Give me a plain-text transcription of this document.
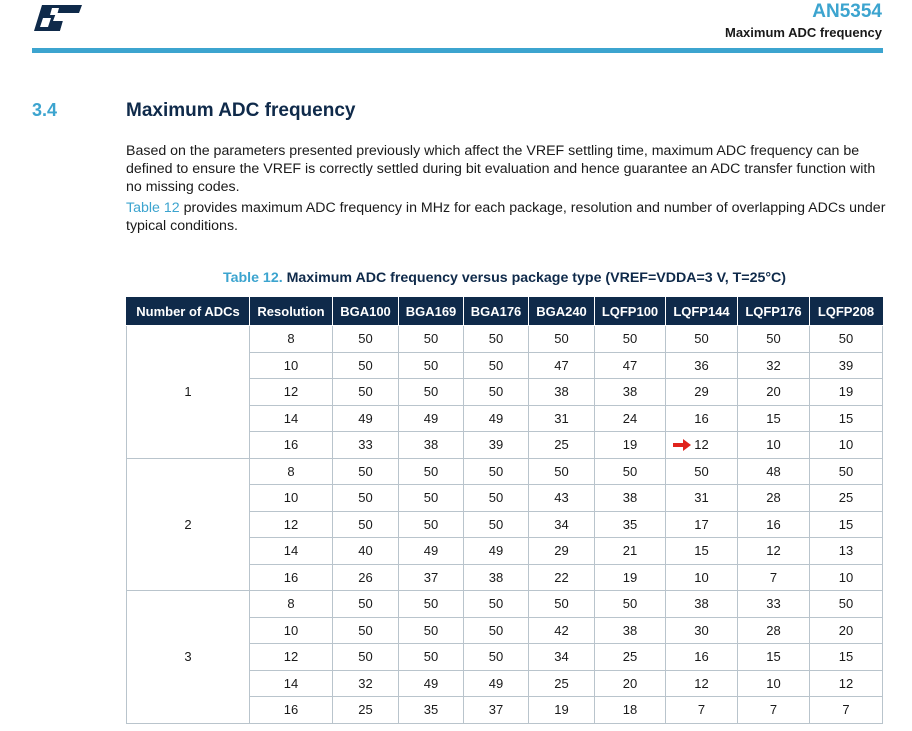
AN5354
Maximum ADC frequency
3.4	Maximum ADC frequency

Based on the parameters presented previously which affect the VREF settling time, maximum ADC frequency can be defined to ensure the VREF is correctly settled during bit evaluation and hence guarantee an ADC transfer function with no missing codes.

Table 12 provides maximum ADC frequency in MHz for each package, resolution and number of overlapping ADCs under typical conditions.

Table 12. Maximum ADC frequency versus package type (VREF=VDDA=3 V, T=25°C)
Number of ADCs	Resolution	BGA100	BGA169	BGA176	BGA240	LQFP100	LQFP144	LQFP176	LQFP208
1	8	50	50	50	50	50	50	50	50
	10	50	50	50	47	47	36	32	39
	12	50	50	50	38	38	29	20	19
	14	49	49	49	31	24	16	15	15
	16	33	38	39	25	19	12	10	10
2	8	50	50	50	50	50	50	48	50
	10	50	50	50	43	38	31	28	25
	12	50	50	50	34	35	17	16	15
	14	40	49	49	29	21	15	12	13
	16	26	37	38	22	19	10	7	10
3	8	50	50	50	50	50	38	33	50
	10	50	50	50	42	38	30	28	20
	12	50	50	50	34	25	16	15	15
	14	32	49	49	25	20	12	10	12
	16	25	35	37	19	18	7	7	7
